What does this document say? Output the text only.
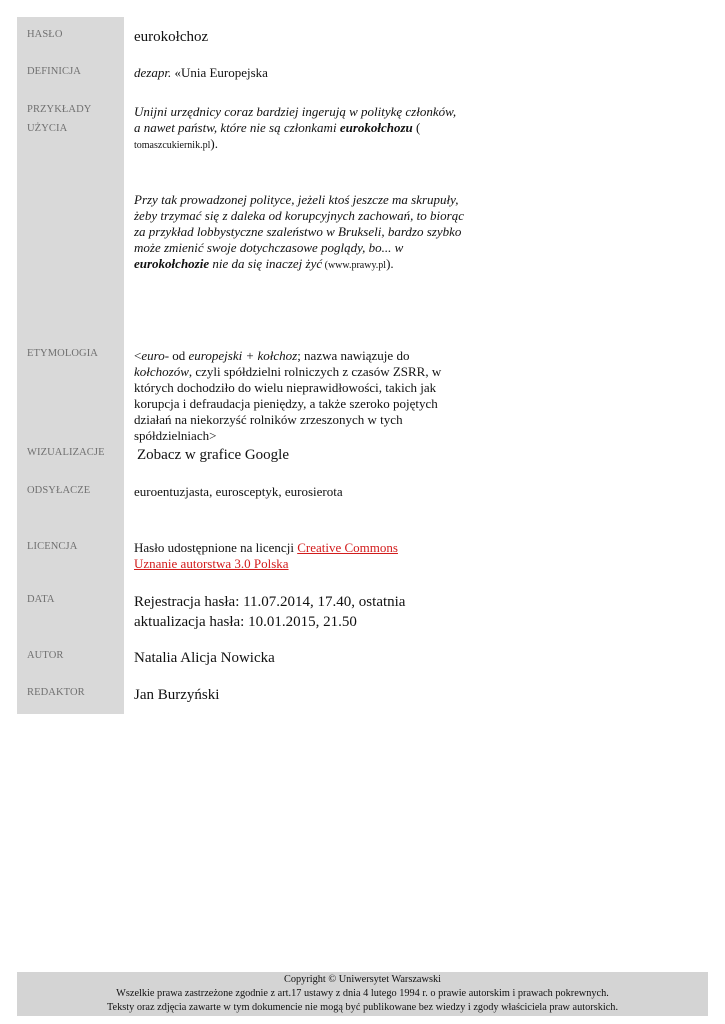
HASŁO
DEFINICJA
PRZYKŁADY
UŻYCIA
ETYMOLOGIA
WIZUALIZACJE
ODSYŁACZE
LICENCJA
DATA
AUTOR
REDAKTOR
eurokołchoz
dezapr. «Unia Europejska
Unijni urzędnicy coraz bardziej ingerują w politykę członków, a nawet państw, które nie są członkami eurokołchozu (
tomaszcukiernik.pl).
Przy tak prowadzonej polityce, jeżeli ktoś jeszcze ma skrupuły, żeby trzymać się z daleka od korupcyjnych zachowań, to biorąc za przykład lobbystyczne szaleństwo w Brukseli, bardzo szybko może zmienić swoje dotychczasowe poglądy, bo... w eurokołchozie nie da się inaczej żyć (www.prawy.pl).
<euro- od europejski + kołchoz; nazwa nawiązuje do kołchozów, czyli spółdzielni rolniczych z czasów ZSRR, w których dochodziło do wielu nieprawidłowości, takich jak korupcja i defraudacja pieniędzy, a także szeroko pojętych działań na niekorzyść rolników zrzeszonych w tych spółdzielniach>
Zobacz w grafice Google
euroentuzjasta, eurosceptyk, eurosierota
Hasło udostępnione na licencji Creative Commons Uznanie autorstwa 3.0 Polska
Rejestracja hasła: 11.07.2014, 17.40, ostatnia aktualizacja hasła: 10.01.2015, 21.50
Natalia Alicja Nowicka
Jan Burzyński
Copyright © Uniwersytet Warszawski
Wszelkie prawa zastrzeżone zgodnie z art.17 ustawy z dnia 4 lutego 1994 r. o prawie autorskim i prawach pokrewnych.
Teksty oraz zdjęcia zawarte w tym dokumencie nie mogą być publikowane bez wiedzy i zgody właściciela praw autorskich.
